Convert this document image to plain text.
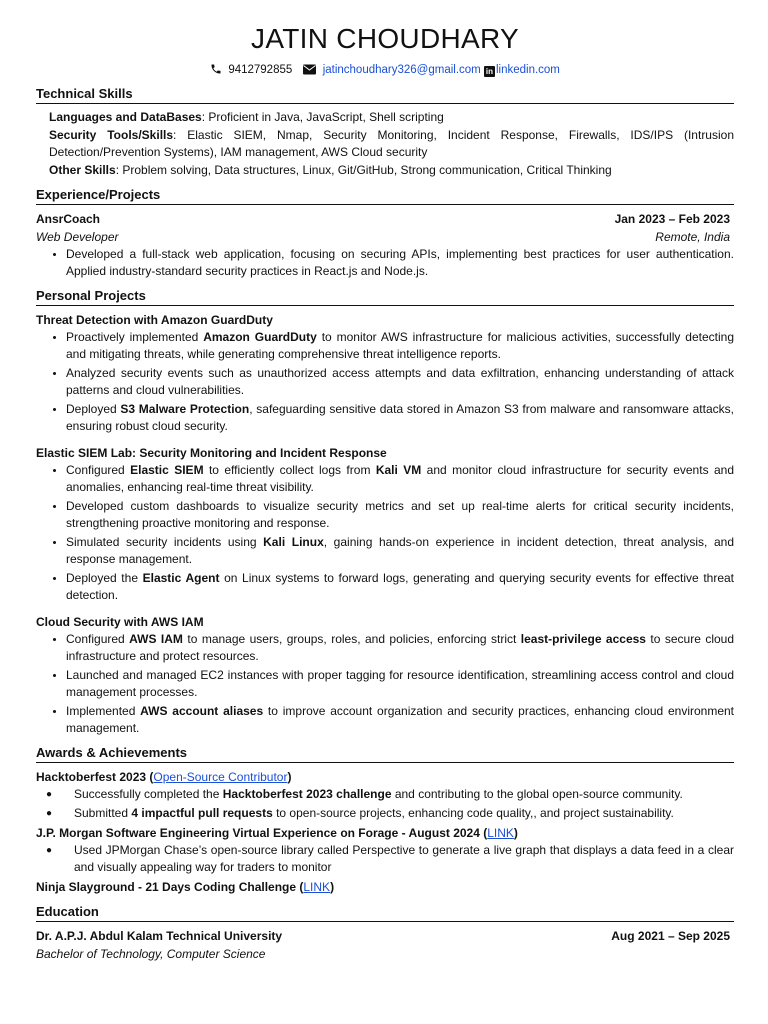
JATIN CHOUDHARY
9412792855	jatinchoudhary326@gmail.com in linkedin.com
Technical Skills
Languages and DataBases: Proficient in Java, JavaScript, Shell scripting
Security Tools/Skills: Elastic SIEM, Nmap, Security Monitoring, Incident Response, Firewalls, IDS/IPS (Intrusion Detection/Prevention Systems), IAM management, AWS Cloud security
Other Skills: Problem solving, Data structures, Linux, Git/GitHub, Strong communication, Critical Thinking
Experience/Projects
AnsrCoach	Jan 2023 – Feb 2023
Web Developer	Remote, India
• Developed a full-stack web application, focusing on securing APIs, implementing best practices for user authentication. Applied industry-standard security practices in React.js and Node.js.
Personal Projects
Threat Detection with Amazon GuardDuty
• Proactively implemented Amazon GuardDuty to monitor AWS infrastructure for malicious activities, successfully detecting and mitigating threats, while generating comprehensive threat intelligence reports.
• Analyzed security events such as unauthorized access attempts and data exfiltration, enhancing understanding of attack patterns and cloud vulnerabilities.
• Deployed S3 Malware Protection, safeguarding sensitive data stored in Amazon S3 from malware and ransomware attacks, ensuring robust cloud security.
Elastic SIEM Lab: Security Monitoring and Incident Response
• Configured Elastic SIEM to efficiently collect logs from Kali VM and monitor cloud infrastructure for security events and anomalies, enhancing real-time threat visibility.
• Developed custom dashboards to visualize security metrics and set up real-time alerts for critical security incidents, strengthening proactive monitoring and response.
• Simulated security incidents using Kali Linux, gaining hands-on experience in incident detection, threat analysis, and response management.
• Deployed the Elastic Agent on Linux systems to forward logs, generating and querying security events for effective threat detection.
Cloud Security with AWS IAM
• Configured AWS IAM to manage users, groups, roles, and policies, enforcing strict least-privilege access to secure cloud infrastructure and protect resources.
• Launched and managed EC2 instances with proper tagging for resource identification, streamlining access control and cloud management processes.
• Implemented AWS account aliases to improve account organization and security practices, enhancing cloud environment management.
Awards & Achievements
Hacktoberfest 2023 (Open-Source Contributor)
● Successfully completed the Hacktoberfest 2023 challenge and contributing to the global open-source community.
● Submitted 4 impactful pull requests to open-source projects, enhancing code quality,, and project sustainability.
J.P. Morgan Software Engineering Virtual Experience on Forage - August 2024 (LINK)
● Used JPMorgan Chase’s open-source library called Perspective to generate a live graph that displays a data feed in a clear and visually appealing way for traders to monitor
Ninja Slayground - 21 Days Coding Challenge (LINK)
Education
Dr. A.P.J. Abdul Kalam Technical University	Aug 2021 – Sep 2025
Bachelor of Technology, Computer Science
